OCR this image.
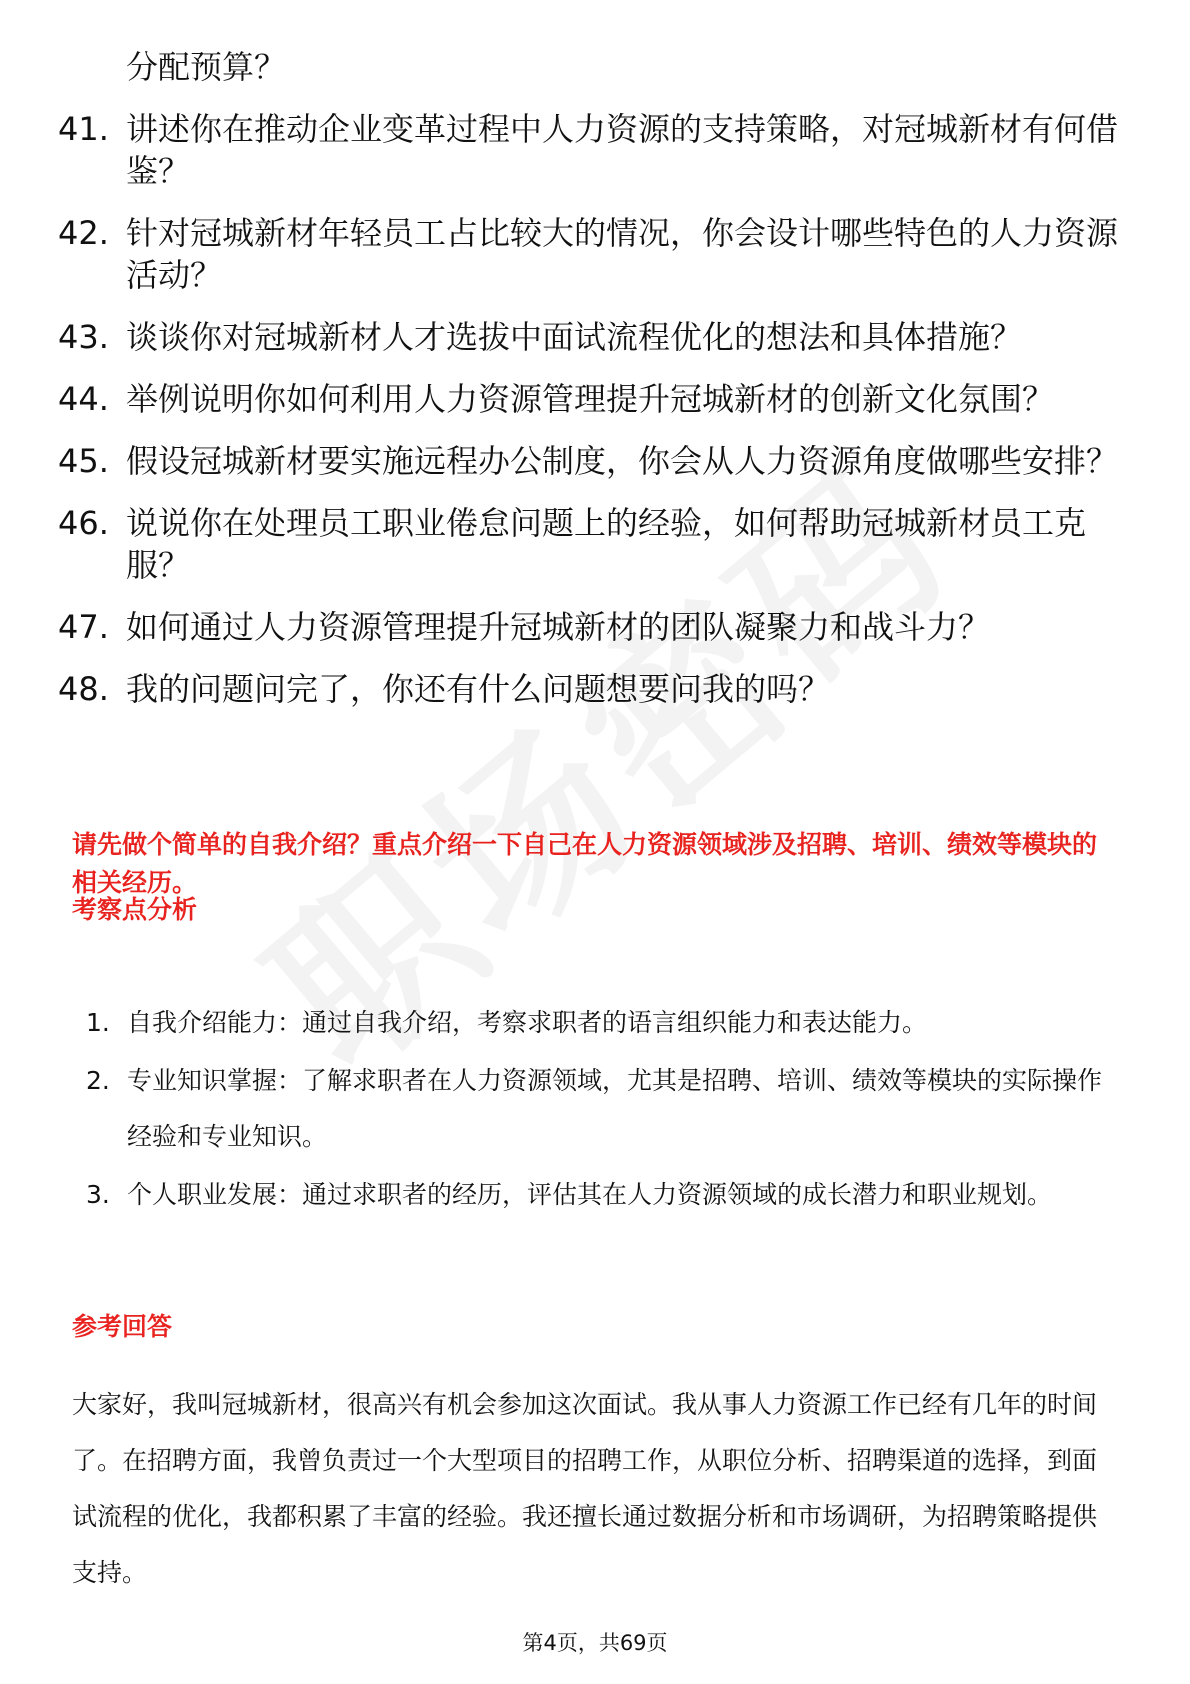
分配预算？
41. 讲述你在推动企业变革过程中人力资源的支持策略，对冠城新材有何借鉴？
42. 针对冠城新材年轻员工占比较大的情况，你会设计哪些特色的人力资源活动？
43. 谈谈你对冠城新材人才选拔中面试流程优化的想法和具体措施？
44. 举例说明你如何利用人力资源管理提升冠城新材的创新文化氛围？
45. 假设冠城新材要实施远程办公制度，你会从人力资源角度做哪些安排？
46. 说说你在处理员工职业倦怠问题上的经验，如何帮助冠城新材员工克服？
47. 如何通过人力资源管理提升冠城新材的团队凝聚力和战斗力？
48. 我的问题问完了，你还有什么问题想要问我的吗？
请先做个简单的自我介绍？重点介绍一下自己在人力资源领域涉及招聘、培训、绩效等模块的相关经历。
考察点分析
1. 自我介绍能力：通过自我介绍，考察求职者的语言组织能力和表达能力。
2. 专业知识掌握：了解求职者在人力资源领域，尤其是招聘、培训、绩效等模块的实际操作经验和专业知识。
3. 个人职业发展：通过求职者的经历，评估其在人力资源领域的成长潜力和职业规划。
参考回答
大家好，我叫冠城新材，很高兴有机会参加这次面试。我从事人力资源工作已经有几年的时间了。在招聘方面，我曾负责过一个大型项目的招聘工作，从职位分析、招聘渠道的选择，到面试流程的优化，我都积累了丰富的经验。我还擅长通过数据分析和市场调研，为招聘策略提供支持。
第4页，共69页
